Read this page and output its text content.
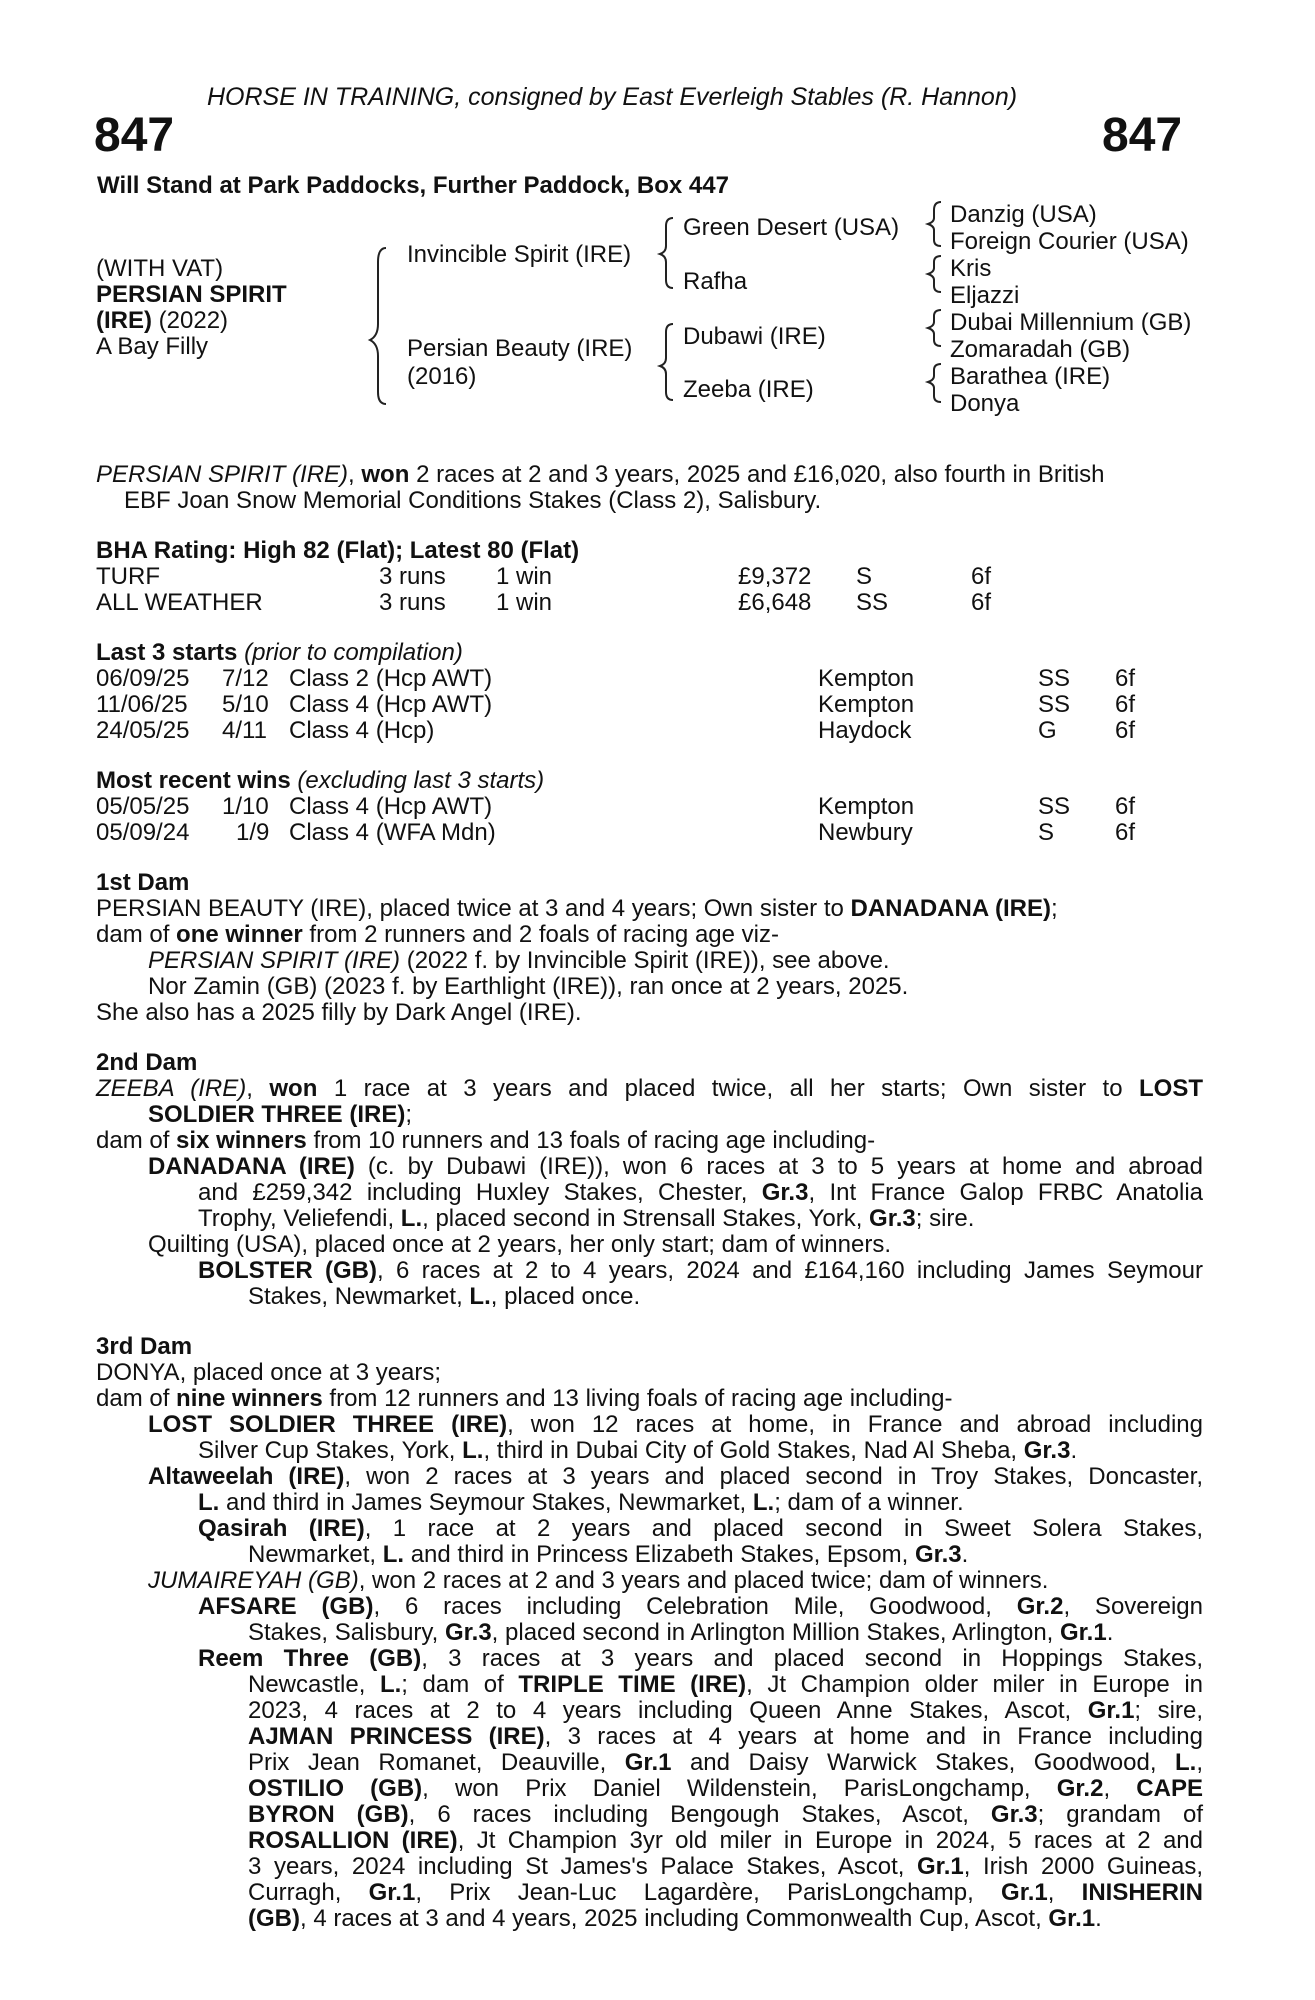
HORSE IN TRAINING, consigned by East Everleigh Stables (R. Hannon)
847	847
Will Stand at Park Paddocks, Further Paddock, Box 447
(WITH VAT)
PERSIAN SPIRIT
(IRE) (2022)
A Bay Filly
Invincible Spirit (IRE)
Persian Beauty (IRE)
(2016)
Green Desert (USA)
Rafha
Dubawi (IRE)
Zeeba (IRE)
Danzig (USA)
Foreign Courier (USA)
Kris
Eljazzi
Dubai Millennium (GB)
Zomaradah (GB)
Barathea (IRE)
Donya
PERSIAN SPIRIT (IRE), won 2 races at 2 and 3 years, 2025 and £16,020, also fourth in British
EBF Joan Snow Memorial Conditions Stakes (Class 2), Salisbury.
BHA Rating: High 82 (Flat); Latest 80 (Flat)
TURF	3 runs 1 win	£9,372 S	6f
ALL WEATHER	3 runs 1 win	£6,648 SS	6f
Last 3 starts (prior to compilation)
06/09/25 7/12 Class 2 (Hcp AWT)	Kempton	SS 6f
11/06/25 5/10 Class 4 (Hcp AWT)	Kempton	SS 6f
24/05/25 4/11 Class 4 (Hcp)	Haydock	G 6f
Most recent wins (excluding last 3 starts)
05/05/25 1/10 Class 4 (Hcp AWT)	Kempton	SS 6f
05/09/24 1/9 Class 4 (WFA Mdn)	Newbury	S	6f
1st Dam
PERSIAN BEAUTY (IRE), placed twice at 3 and 4 years; Own sister to DANADANA (IRE);
dam of one winner from 2 runners and 2 foals of racing age viz-
PERSIAN SPIRIT (IRE) (2022 f. by Invincible Spirit (IRE)), see above.
Nor Zamin (GB) (2023 f. by Earthlight (IRE)), ran once at 2 years, 2025.
She also has a 2025 filly by Dark Angel (IRE).
2nd Dam
ZEEBA (IRE), won 1 race at 3 years and placed twice, all her starts; Own sister to LOST
SOLDIER THREE (IRE);
dam of six winners from 10 runners and 13 foals of racing age including-
DANADANA (IRE) (c. by Dubawi (IRE)), won 6 races at 3 to 5 years at home and abroad
and £259,342 including Huxley Stakes, Chester, Gr.3, Int France Galop FRBC Anatolia
Trophy, Veliefendi, L., placed second in Strensall Stakes, York, Gr.3; sire.
Quilting (USA), placed once at 2 years, her only start; dam of winners.
BOLSTER (GB), 6 races at 2 to 4 years, 2024 and £164,160 including James Seymour
Stakes, Newmarket, L., placed once.
3rd Dam
DONYA, placed once at 3 years;
dam of nine winners from 12 runners and 13 living foals of racing age including-
LOST SOLDIER THREE (IRE), won 12 races at home, in France and abroad including
Silver Cup Stakes, York, L., third in Dubai City of Gold Stakes, Nad Al Sheba, Gr.3.
Altaweelah (IRE), won 2 races at 3 years and placed second in Troy Stakes, Doncaster,
L. and third in James Seymour Stakes, Newmarket, L.; dam of a winner.
Qasirah (IRE), 1 race at 2 years and placed second in Sweet Solera Stakes,
Newmarket, L. and third in Princess Elizabeth Stakes, Epsom, Gr.3.
JUMAIREYAH (GB), won 2 races at 2 and 3 years and placed twice; dam of winners.
AFSARE (GB), 6 races including Celebration Mile, Goodwood, Gr.2, Sovereign
Stakes, Salisbury, Gr.3, placed second in Arlington Million Stakes, Arlington, Gr.1.
Reem Three (GB), 3 races at 3 years and placed second in Hoppings Stakes,
Newcastle, L.; dam of TRIPLE TIME (IRE), Jt Champion older miler in Europe in
2023, 4 races at 2 to 4 years including Queen Anne Stakes, Ascot, Gr.1; sire,
AJMAN PRINCESS (IRE), 3 races at 4 years at home and in France including
Prix Jean Romanet, Deauville, Gr.1 and Daisy Warwick Stakes, Goodwood, L.,
OSTILIO (GB), won Prix Daniel Wildenstein, ParisLongchamp, Gr.2, CAPE
BYRON (GB), 6 races including Bengough Stakes, Ascot, Gr.3; grandam of
ROSALLION (IRE), Jt Champion 3yr old miler in Europe in 2024, 5 races at 2 and
3 years, 2024 including St James's Palace Stakes, Ascot, Gr.1, Irish 2000 Guineas,
Curragh, Gr.1, Prix Jean-Luc Lagardère, ParisLongchamp, Gr.1, INISHERIN
(GB), 4 races at 3 and 4 years, 2025 including Commonwealth Cup, Ascot, Gr.1.
